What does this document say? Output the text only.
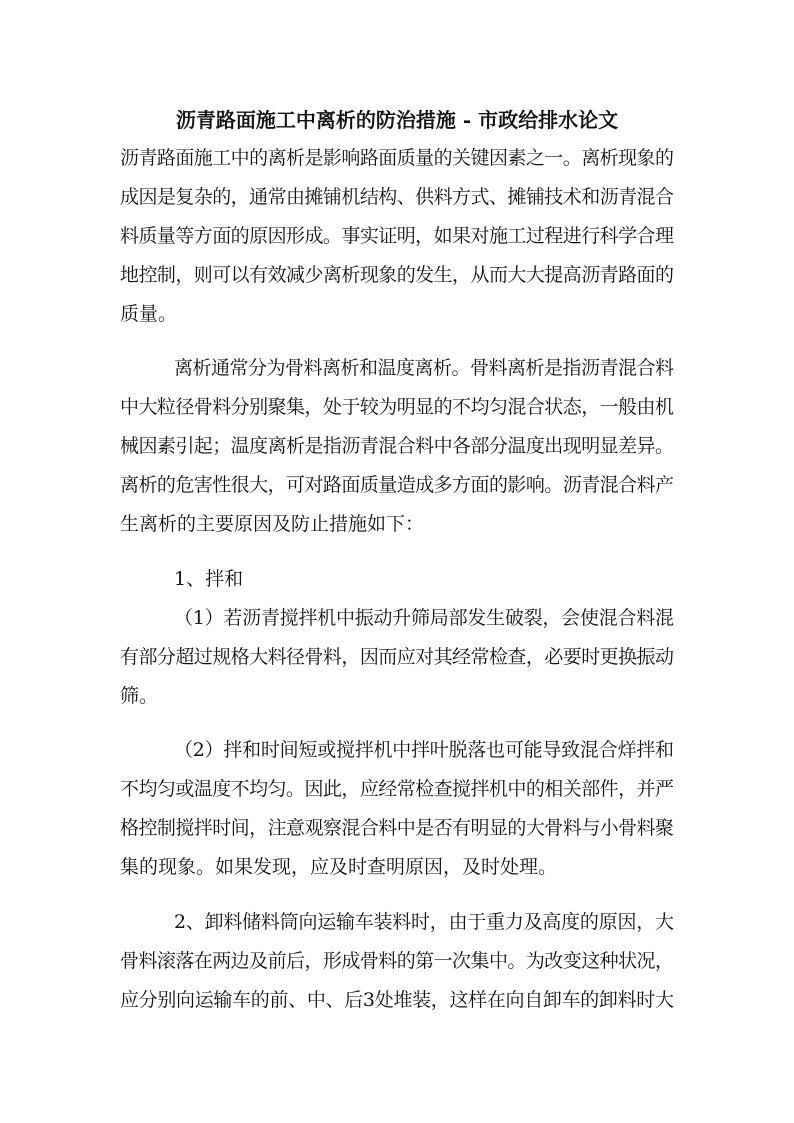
沥青路面施工中离析的防治措施 - 市政给排水论文
沥青路面施工中的离析是影响路面质量的关键因素之一。离析现象的
成因是复杂的，通常由摊铺机结构、供料方式、摊铺技术和沥青混合
料质量等方面的原因形成。事实证明，如果对施工过程进行科学合理
地控制，则可以有效减少离析现象的发生，从而大大提高沥青路面的
质量。
离析通常分为骨料离析和温度离析。骨料离析是指沥青混合料
中大粒径骨料分别聚集，处于较为明显的不均匀混合状态，一般由机
械因素引起；温度离析是指沥青混合料中各部分温度出现明显差异。
离析的危害性很大，可对路面质量造成多方面的影响。沥青混合料产
生离析的主要原因及防止措施如下：
1、拌和
（1）若沥青搅拌机中振动升筛局部发生破裂，会使混合料混
有部分超过规格大料径骨料，因而应对其经常检查，必要时更换振动
筛。
（2）拌和时间短或搅拌机中拌叶脱落也可能导致混合烊拌和
不均匀或温度不均匀。因此，应经常检查搅拌机中的相关部件，并严
格控制搅拌时间，注意观察混合料中是否有明显的大骨料与小骨料聚
集的现象。如果发现，应及时查明原因，及时处理。
2、卸料储料筒向运输车装料时，由于重力及高度的原因，大
骨料滚落在两边及前后，形成骨料的第一次集中。为改变这种状况，
应分别向运输车的前、中、后3处堆装，这样在向自卸车的卸料时大
